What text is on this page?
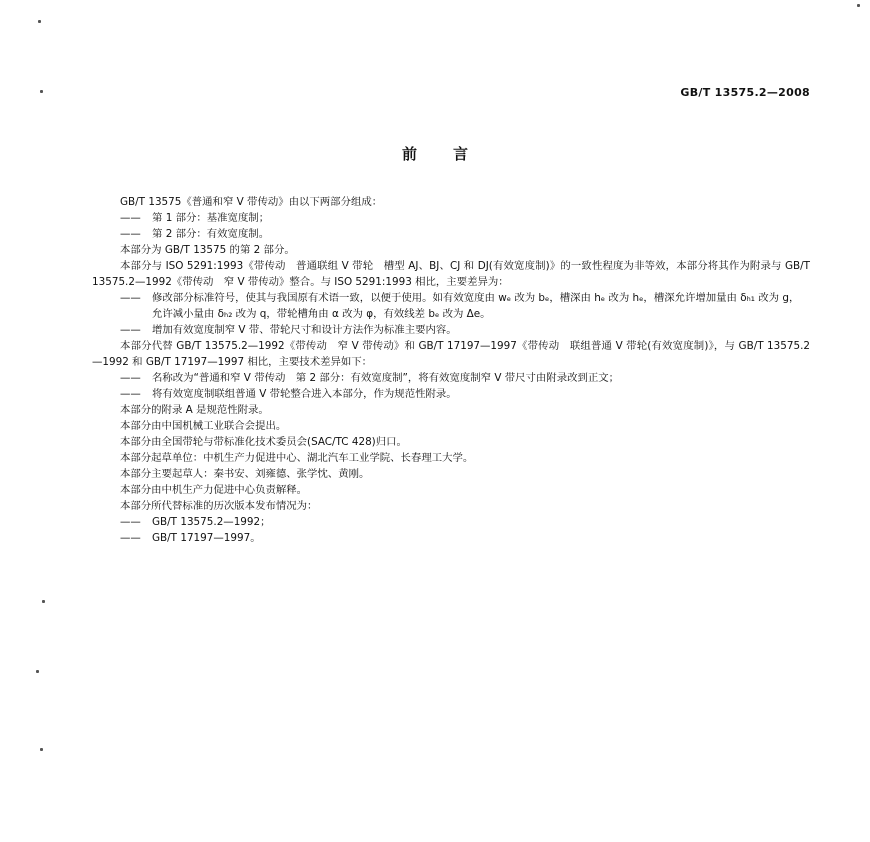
GB/T 13575.2—2008
前言

GB/T 13575《普通和窄 V 带传动》由以下两部分组成：

—— 第 1 部分：基准宽度制；

—— 第 2 部分：有效宽度制。

本部分为 GB/T 13575 的第 2 部分。

本部分与 ISO 5291:1993《带传动　普通联组 V 带轮　槽型 AJ、BJ、CJ 和 DJ(有效宽度制)》的一致性程度为非等效，本部分将其作为附录与 GB/T 13575.2—1992《带传动　窄 V 带传动》整合。与 ISO 5291:1993 相比，主要差异为：

—— 修改部分标准符号，使其与我国原有术语一致，以便于使用。如有效宽度由 wₑ 改为 bₑ，槽深由 hₑ 改为 hₑ，槽深允许增加量由 δₕ₁ 改为 g，允许减小量由 δₕ₂ 改为 q，带轮槽角由 α 改为 φ，有效线差 bₑ 改为 Δe。

—— 增加有效宽度制窄 V 带、带轮尺寸和设计方法作为标准主要内容。

本部分代替 GB/T 13575.2—1992《带传动　窄 V 带传动》和 GB/T 17197—1997《带传动　联组普通 V 带轮(有效宽度制)》，与 GB/T 13575.2—1992 和 GB/T 17197—1997 相比，主要技术差异如下：

—— 名称改为“普通和窄 V 带传动　第 2 部分：有效宽度制”，将有效宽度制窄 V 带尺寸由附录改到正文；

—— 将有效宽度制联组普通 V 带轮整合进入本部分，作为规范性附录。

本部分的附录 A 是规范性附录。

本部分由中国机械工业联合会提出。

本部分由全国带轮与带标准化技术委员会(SAC/TC 428)归口。

本部分起草单位：中机生产力促进中心、湖北汽车工业学院、长春理工大学。

本部分主要起草人：秦书安、刘雍德、张学忱、黄刚。

本部分由中机生产力促进中心负责解释。

本部分所代替标准的历次版本发布情况为：

—— GB/T 13575.2—1992；

—— GB/T 17197—1997。
